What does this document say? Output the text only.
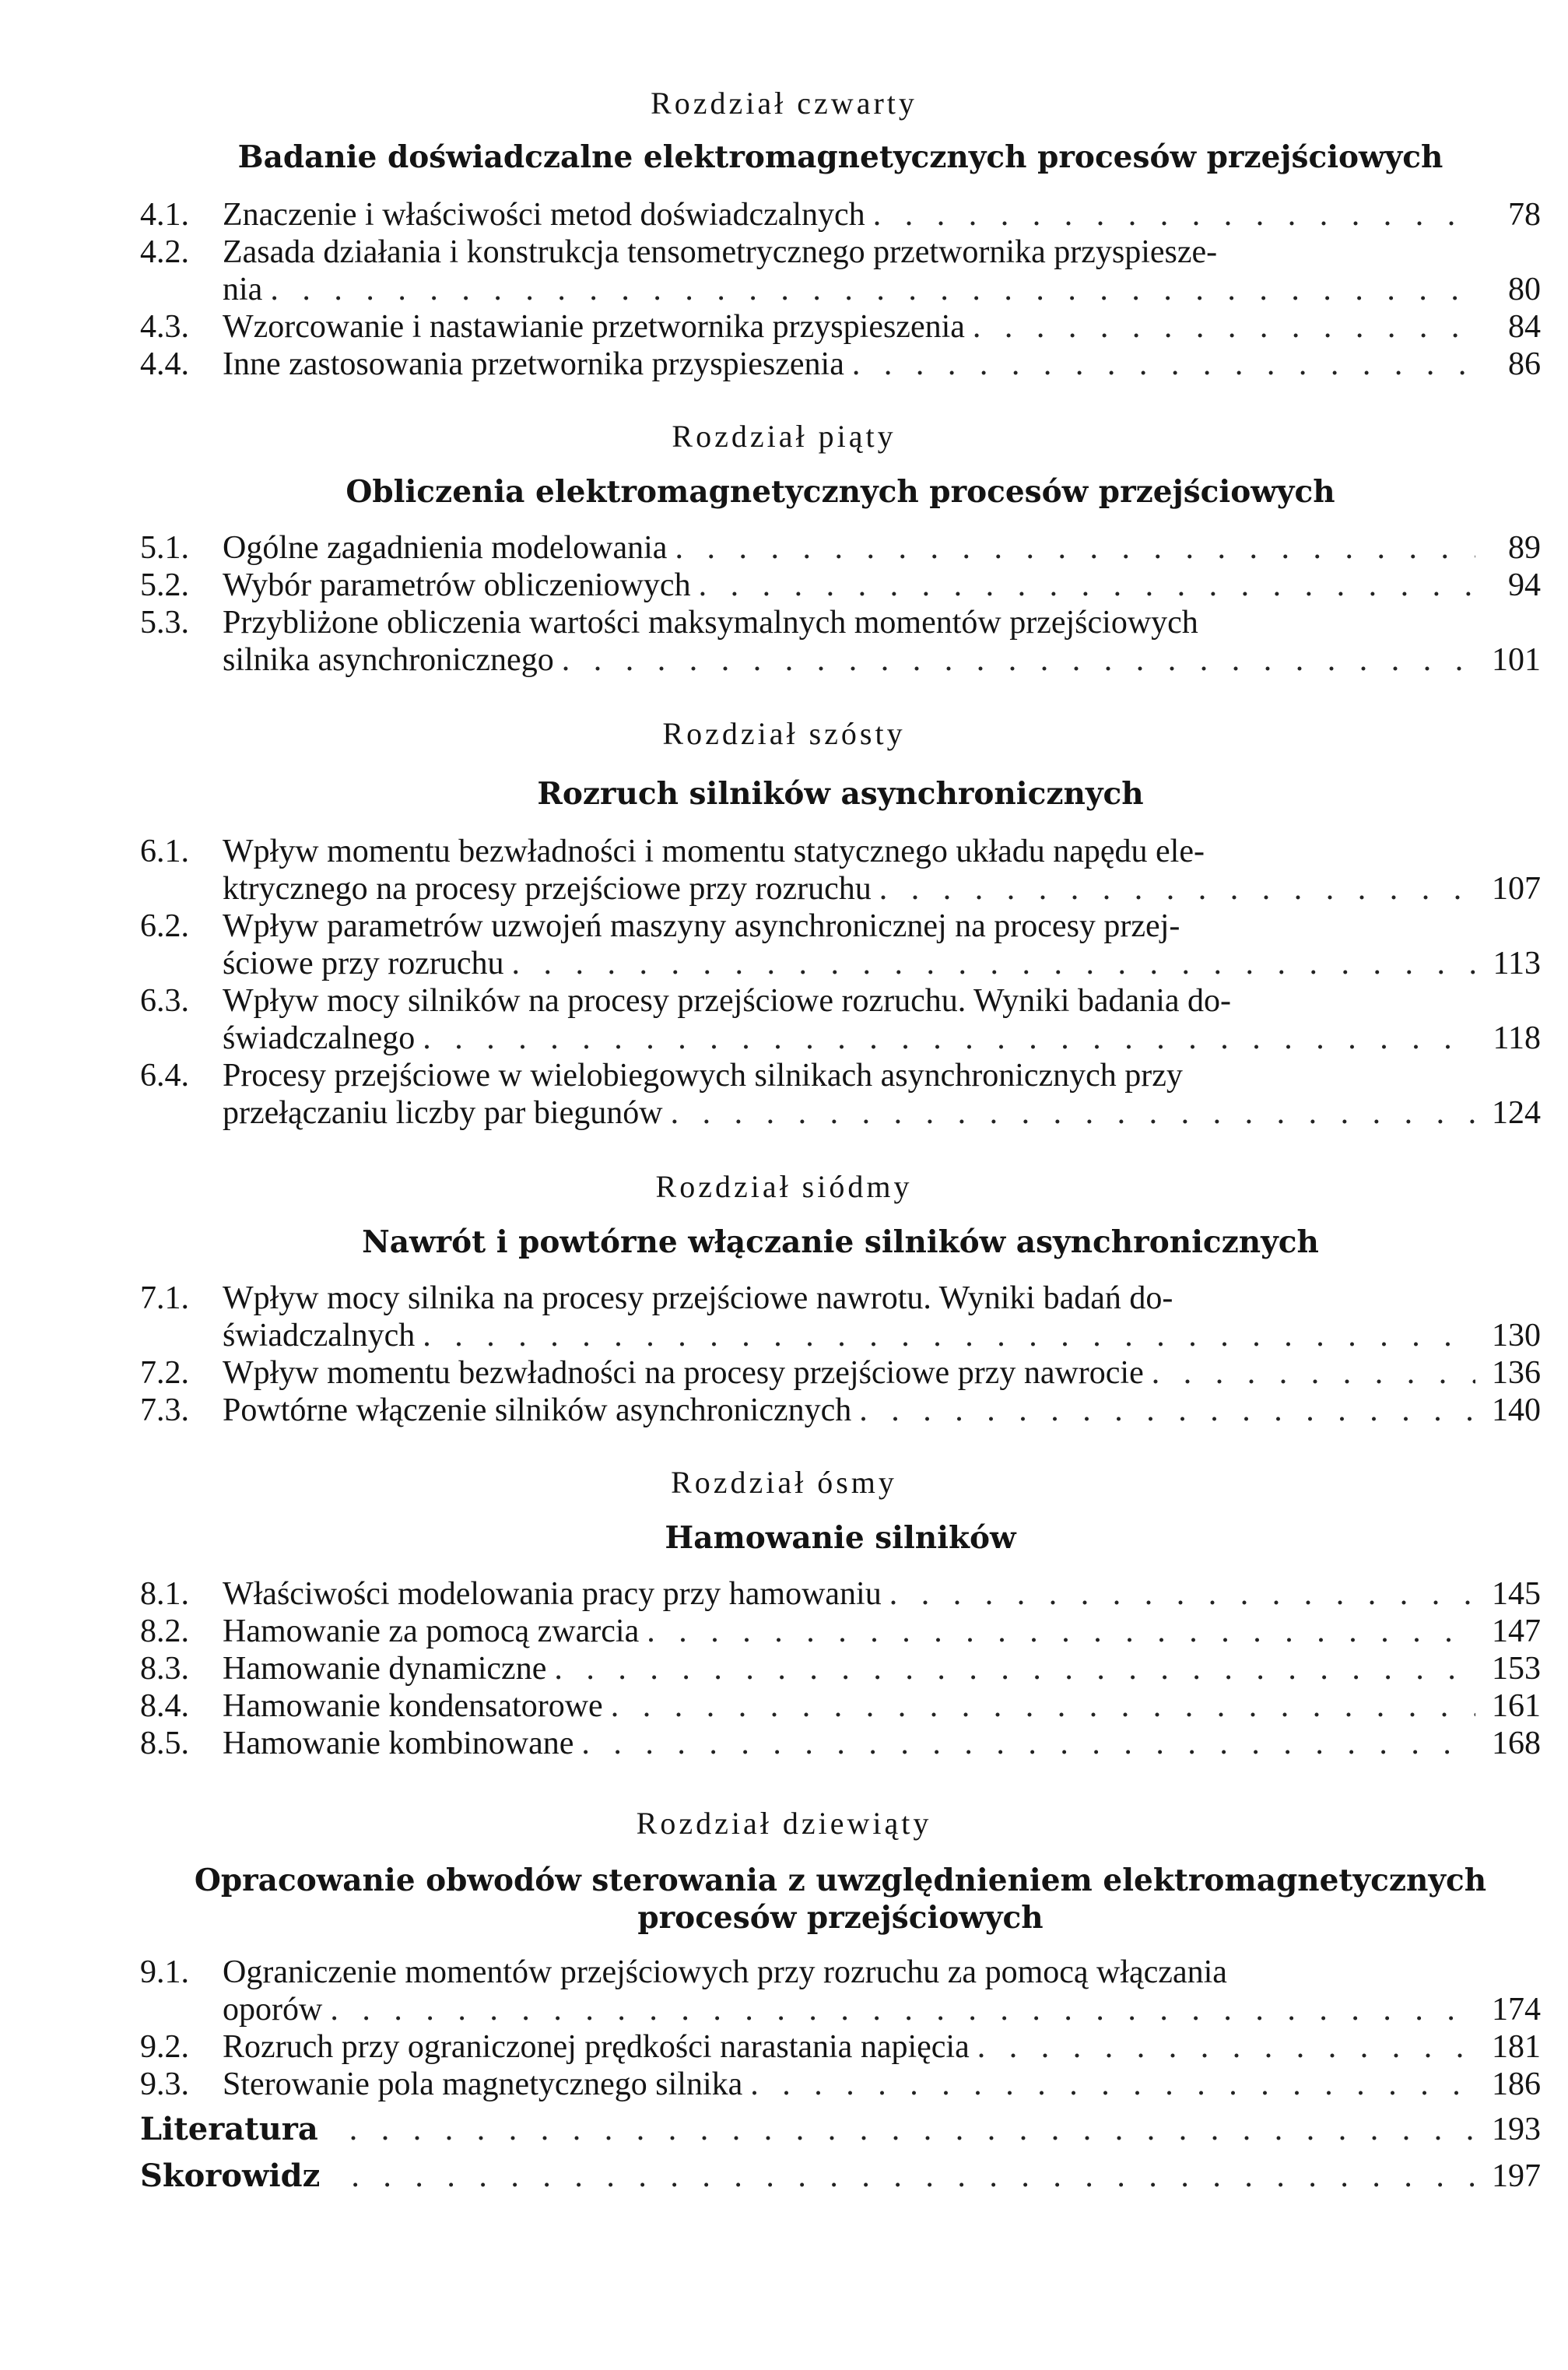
Rozdział czwarty
Badanie doświadczalne elektromagnetycznych procesów przejściowych
4.1. Znaczenie i właściwości metod doświadczalnych . . .	78
4.2. Zasada działania i konstrukcja tensometrycznego przetwornika przyspiesze-
nia . . .	80
4.3. Wzorcowanie i nastawianie przetwornika przyspieszenia . . .	84
4.4. Inne zastosowania przetwornika przyspieszenia . . .	86
Rozdział piąty
Obliczenia elektromagnetycznych procesów przejściowych
5.1. Ogólne zagadnienia modelowania . . .	89
5.2. Wybór parametrów obliczeniowych . . .	94
5.3. Przybliżone obliczenia wartości maksymalnych momentów przejściowych
silnika asynchronicznego . . .	101
Rozdział szósty
Rozruch silników asynchronicznych
6.1. Wpływ momentu bezwładności i momentu statycznego układu napędu ele-
ktrycznego na procesy przejściowe przy rozruchu . . .	107
6.2. Wpływ parametrów uzwojeń maszyny asynchronicznej na procesy przej-
ściowe przy rozruchu . . .	113
6.3. Wpływ mocy silników na procesy przejściowe rozruchu. Wyniki badania do-
świadczalnego . . .	118
6.4. Procesy przejściowe w wielobiegowych silnikach asynchronicznych przy
przełączaniu liczby par biegunów . . .	124
Rozdział siódmy
Nawrót i powtórne włączanie silników asynchronicznych
7.1. Wpływ mocy silnika na procesy przejściowe nawrotu. Wyniki badań do-
świadczalnych . . .	130
7.2. Wpływ momentu bezwładności na procesy przejściowe przy nawrocie . . .	136
7.3. Powtórne włączenie silników asynchronicznych . . .	140
Rozdział ósmy
Hamowanie silników
8.1. Właściwości modelowania pracy przy hamowaniu . . .	145
8.2. Hamowanie za pomocą zwarcia . . .	147
8.3. Hamowanie dynamiczne . . .	153
8.4. Hamowanie kondensatorowe . . .	161
8.5. Hamowanie kombinowane . . .	168
Rozdział dziewiąty
Opracowanie obwodów sterowania z uwzględnieniem elektromagnetycznych
procesów przejściowych
9.1. Ograniczenie momentów przejściowych przy rozruchu za pomocą włączania
oporów . . .	174
9.2. Rozruch przy ograniczonej prędkości narastania napięcia . . .	181
9.3. Sterowanie pola magnetycznego silnika . . .	186
Literatura . . .	193
Skorowidz . . .	197
